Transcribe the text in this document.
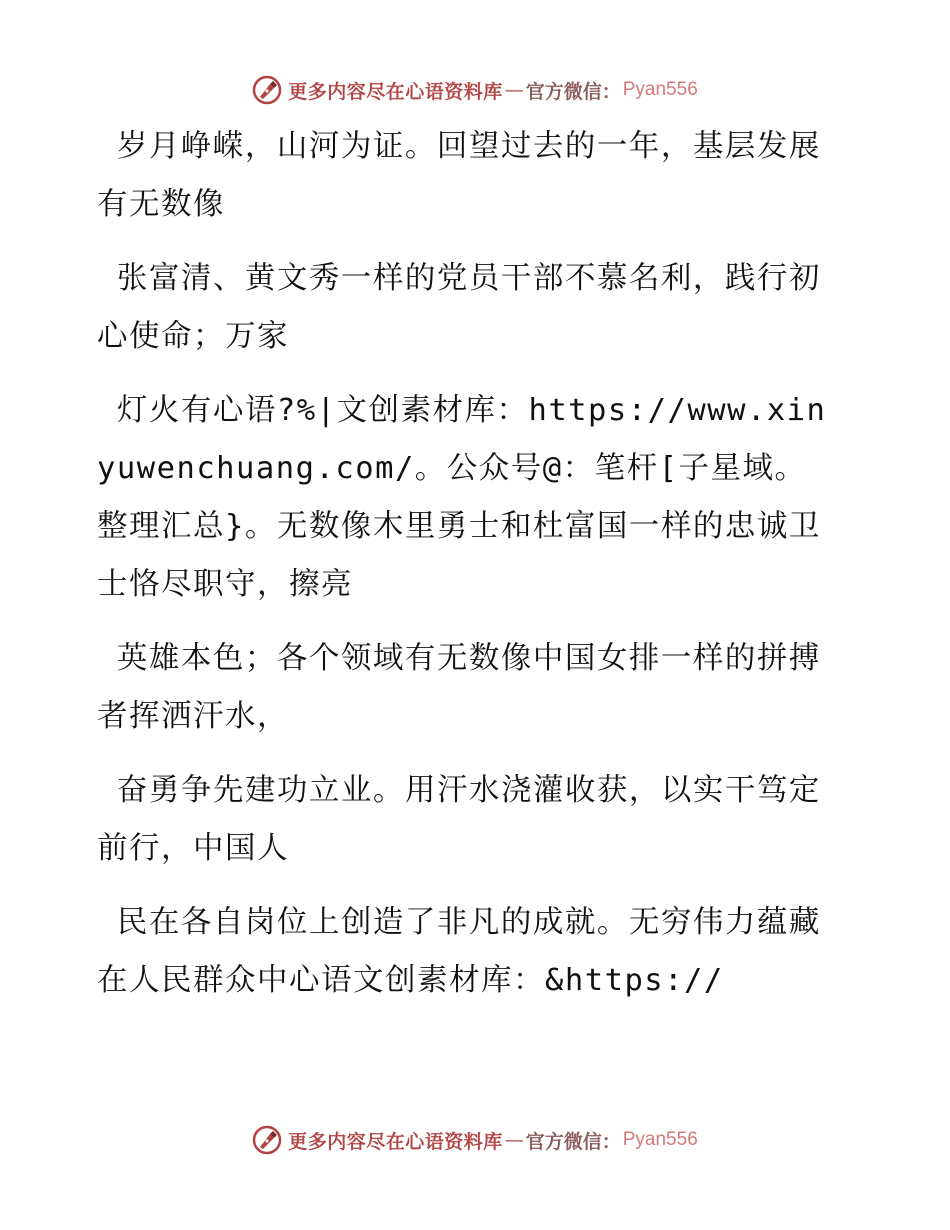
更多内容尽在心语资料库 — 官方微信： Pyan556

岁月峥嵘，山河为证。回望过去的一年，基层发展有无数像

张富清、黄文秀一样的党员干部不慕名利，践行初心使命；万家

灯火有心语?%|文创素材库：https://www.xinyuwenchuang.com/。公众号@：笔杆[子星域。整理汇总}。无数像木里勇士和杜富国一样的忠诚卫士恪尽职守，擦亮

英雄本色；各个领域有无数像中国女排一样的拼搏者挥洒汗水，

奋勇争先建功立业。用汗水浇灌收获，以实干笃定前行，中国人

民在各自岗位上创造了非凡的成就。无穷伟力蕴藏在人民群众中心语文创素材库：&https://

更多内容尽在心语资料库 — 官方微信： Pyan556
